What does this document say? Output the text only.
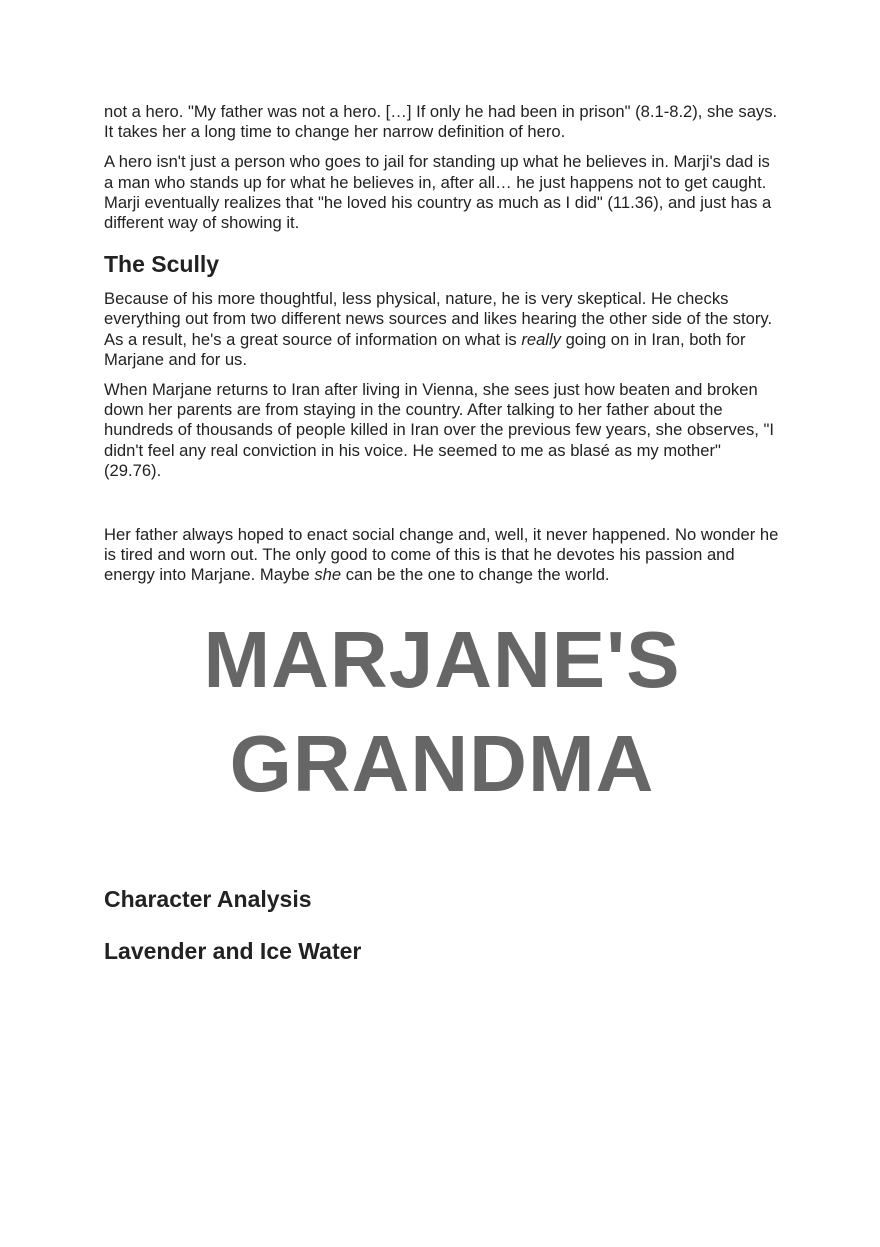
not a hero. "My father was not a hero. […] If only he had been in prison" (8.1-8.2), she says. It takes her a long time to change her narrow definition of hero.

A hero isn't just a person who goes to jail for standing up what he believes in. Marji's dad is a man who stands up for what he believes in, after all… he just happens not to get caught. Marji eventually realizes that "he loved his country as much as I did" (11.36), and just has a different way of showing it.

The Scully

Because of his more thoughtful, less physical, nature, he is very skeptical. He checks everything out from two different news sources and likes hearing the other side of the story. As a result, he's a great source of information on what is really going on in Iran, both for Marjane and for us.

When Marjane returns to Iran after living in Vienna, she sees just how beaten and broken down her parents are from staying in the country. After talking to her father about the hundreds of thousands of people killed in Iran over the previous few years, she observes, "I didn't feel any real conviction in his voice. He seemed to me as blasé as my mother" (29.76).

Her father always hoped to enact social change and, well, it never happened. No wonder he is tired and worn out. The only good to come of this is that he devotes his passion and energy into Marjane. Maybe she can be the one to change the world.

MARJANE'S
GRANDMA
Character Analysis
Lavender and Ice Water
